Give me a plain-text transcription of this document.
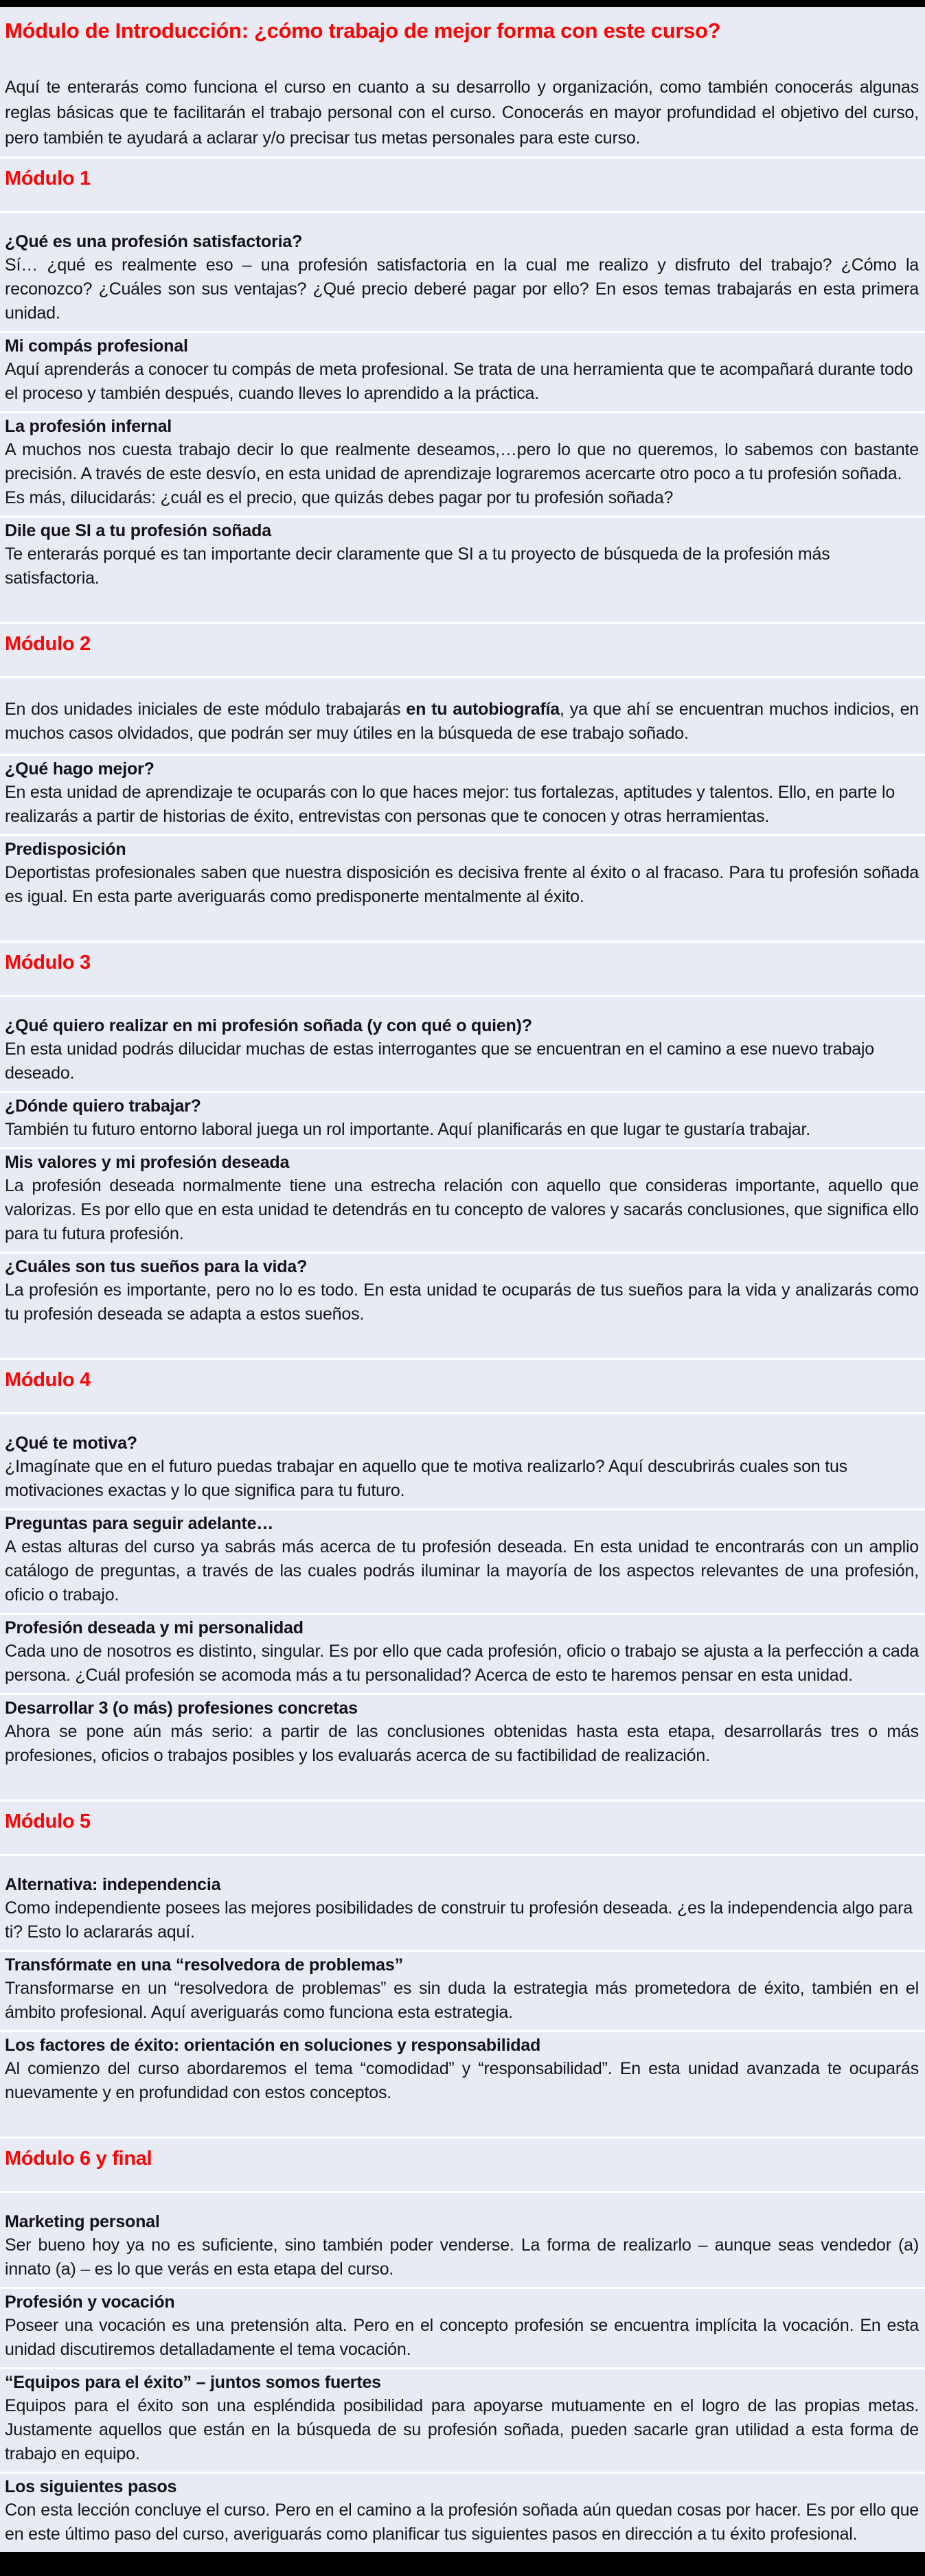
Módulo de Introducción: ¿cómo trabajo de mejor forma con este curso?

Aquí te enterarás como funciona el curso en cuanto a su desarrollo y organización, como también conocerás algunas reglas básicas que te facilitarán el trabajo personal con el curso. Conocerás en mayor profundidad el objetivo del curso, pero también te ayudará a aclarar y/o precisar tus metas personales para este curso.

Módulo 1
¿Qué es una profesión satisfactoria?

Sí… ¿qué es realmente eso – una profesión satisfactoria en la cual me realizo y disfruto del trabajo? ¿Cómo la reconozco? ¿Cuáles son sus ventajas? ¿Qué precio deberé pagar por ello? En esos temas trabajarás en esta primera unidad.

Mi compás profesional

Aquí aprenderás a conocer tu compás de meta profesional. Se trata de una herramienta que te acompañará durante todo el proceso y también después, cuando lleves lo aprendido a la práctica.

La profesión infernal

A muchos nos cuesta trabajo decir lo que realmente deseamos,…pero lo que no queremos, lo sabemos con bastante precisión. A través de este desvío, en esta unidad de aprendizaje lograremos acercarte otro poco a tu profesión soñada.

Es más, dilucidarás: ¿cuál es el precio, que quizás debes pagar por tu profesión soñada?

Dile que SI a tu profesión soñada

Te enterarás porqué es tan importante decir claramente que SI a tu proyecto de búsqueda de la profesión más satisfactoria.

Módulo 2

En dos unidades iniciales de este módulo trabajarás en tu autobiografía, ya que ahí se encuentran muchos indicios, en muchos casos olvidados, que podrán ser muy útiles en la búsqueda de ese trabajo soñado.

¿Qué hago mejor?

En esta unidad de aprendizaje te ocuparás con lo que haces mejor: tus fortalezas, aptitudes y talentos. Ello, en parte lo realizarás a partir de historias de éxito, entrevistas con personas que te conocen y otras herramientas.

Predisposición

Deportistas profesionales saben que nuestra disposición es decisiva frente al éxito o al fracaso. Para tu profesión soñada es igual. En esta parte averiguarás como predisponerte mentalmente al éxito.

Módulo 3
¿Qué quiero realizar en mi profesión soñada (y con qué o quien)?

En esta unidad podrás dilucidar muchas de estas interrogantes que se encuentran en el camino a ese nuevo trabajo deseado.

¿Dónde quiero trabajar?

También tu futuro entorno laboral juega un rol importante. Aquí planificarás en que lugar te gustaría trabajar.

Mis valores y mi profesión deseada

La profesión deseada normalmente tiene una estrecha relación con aquello que consideras importante, aquello que valorizas. Es por ello que en esta unidad te detendrás en tu concepto de valores y sacarás conclusiones, que significa ello para tu futura profesión.

¿Cuáles son tus sueños para la vida?

La profesión es importante, pero no lo es todo. En esta unidad te ocuparás de tus sueños para la vida y analizarás como tu profesión deseada se adapta a estos sueños.

Módulo 4
¿Qué te motiva?

¿Imagínate que en el futuro puedas trabajar en aquello que te motiva realizarlo? Aquí descubrirás cuales son tus motivaciones exactas y lo que significa para tu futuro.

Preguntas para seguir adelante…

A estas alturas del curso ya sabrás más acerca de tu profesión deseada. En esta unidad te encontrarás con un amplio catálogo de preguntas, a través de las cuales podrás iluminar la mayoría de los aspectos relevantes de una profesión, oficio o trabajo.

Profesión deseada y mi personalidad

Cada uno de nosotros es distinto, singular. Es por ello que cada profesión, oficio o trabajo se ajusta a la perfección a cada persona. ¿Cuál profesión se acomoda más a tu personalidad? Acerca de esto te haremos pensar en esta unidad.

Desarrollar 3 (o más) profesiones concretas

Ahora se pone aún más serio: a partir de las conclusiones obtenidas hasta esta etapa, desarrollarás tres o más profesiones, oficios o trabajos posibles y los evaluarás acerca de su factibilidad de realización.

Módulo 5
Alternativa: independencia

Como independiente posees las mejores posibilidades de construir tu profesión deseada. ¿es la independencia algo para ti? Esto lo aclararás aquí.

Transfórmate en una “resolvedora de problemas”

Transformarse en un “resolvedora de problemas” es sin duda la estrategia más prometedora de éxito, también en el ámbito profesional. Aquí averiguarás como funciona esta estrategia.

Los factores de éxito: orientación en soluciones y responsabilidad

Al comienzo del curso abordaremos el tema “comodidad” y “responsabilidad”. En esta unidad avanzada te ocuparás nuevamente y en profundidad con estos conceptos.

Módulo 6 y final
Marketing personal

Ser bueno hoy ya no es suficiente, sino también poder venderse. La forma de realizarlo – aunque seas vendedor (a) innato (a) – es lo que verás en esta etapa del curso.

Profesión y vocación

Poseer una vocación es una pretensión alta. Pero en el concepto profesión se encuentra implícita la vocación. En esta unidad discutiremos detalladamente el tema vocación.

“Equipos para el éxito” – juntos somos fuertes

Equipos para el éxito son una espléndida posibilidad para apoyarse mutuamente en el logro de las propias metas. Justamente aquellos que están en la búsqueda de su profesión soñada, pueden sacarle gran utilidad a esta forma de trabajo en equipo.

Los siguientes pasos

Con esta lección concluye el curso. Pero en el camino a la profesión soñada aún quedan cosas por hacer. Es por ello que en este último paso del curso, averiguarás como planificar tus siguientes pasos en dirección a tu éxito profesional.
